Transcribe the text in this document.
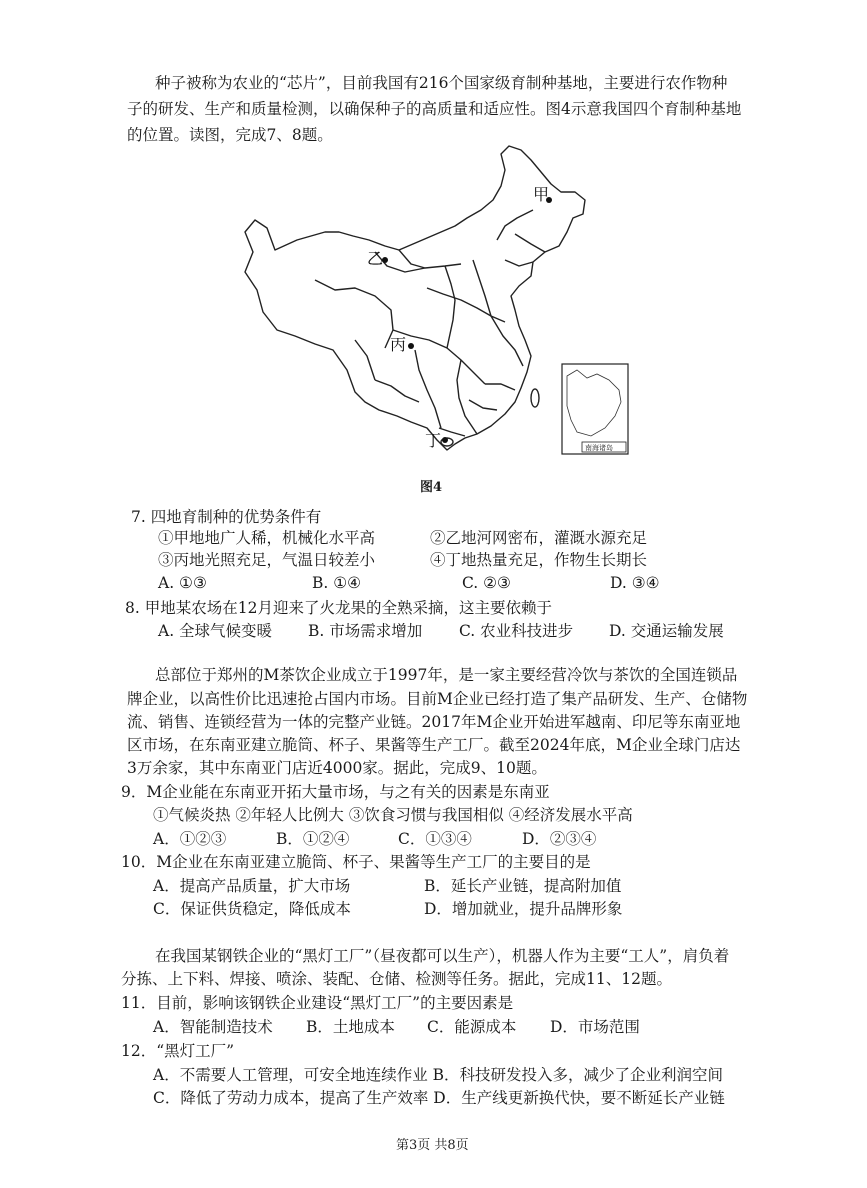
种子被称为农业的“芯片”，目前我国有216个国家级育制种基地，主要进行农作物种
子的研发、生产和质量检测，以确保种子的高质量和适应性。图4示意我国四个育制种基地
的位置。读图，完成7、8题。
甲
乙
丙
丁	南海诸岛
图4
7. 四地育制种的优势条件有
①甲地地广人稀，机械化水平高	②乙地河网密布，灌溉水源充足
③丙地光照充足，气温日较差小	④丁地热量充足，作物生长期长
A. ①③	B. ①④	C. ②③	D. ③④
8. 甲地某农场在12月迎来了火龙果的全熟采摘，这主要依赖于
A. 全球气候变暖 B. 市场需求增加 C. 农业科技进步 D. 交通运输发展
总部位于郑州的M茶饮企业成立于1997年，是一家主要经营冷饮与茶饮的全国连锁品
牌企业，以高性价比迅速抢占国内市场。目前M企业已经打造了集产品研发、生产、仓储物
流、销售、连锁经营为一体的完整产业链。2017年M企业开始进军越南、印尼等东南亚地
区市场，在东南亚建立脆筒、杯子、果酱等生产工厂。截至2024年底，M企业全球门店达
3万余家，其中东南亚门店近4000家。据此，完成9、10题。
9．M企业能在东南亚开拓大量市场，与之有关的因素是东南亚
①气候炎热 ②年轻人比例大 ③饮食习惯与我国相似 ④经济发展水平高
A．①②③	B．①②④	C．①③④	D．②③④
10．M企业在东南亚建立脆筒、杯子、果酱等生产工厂的主要目的是
A．提高产品质量，扩大市场	B．延长产业链，提高附加值
C．保证供货稳定，降低成本	D．增加就业，提升品牌形象
在我国某钢铁企业的“黑灯工厂”（昼夜都可以生产），机器人作为主要“工人”，肩负着
分拣、上下料、焊接、喷涂、装配、仓储、检测等任务。据此，完成11、12题。
11．目前，影响该钢铁企业建设“黑灯工厂”的主要因素是
A．智能制造技术 B．土地成本 C．能源成本 D．市场范围
12．“黑灯工厂”
A．不需要人工管理，可安全地连续作业 B．科技研发投入多，减少了企业利润空间
C．降低了劳动力成本，提高了生产效率 D．生产线更新换代快，要不断延长产业链
第3页 共8页
